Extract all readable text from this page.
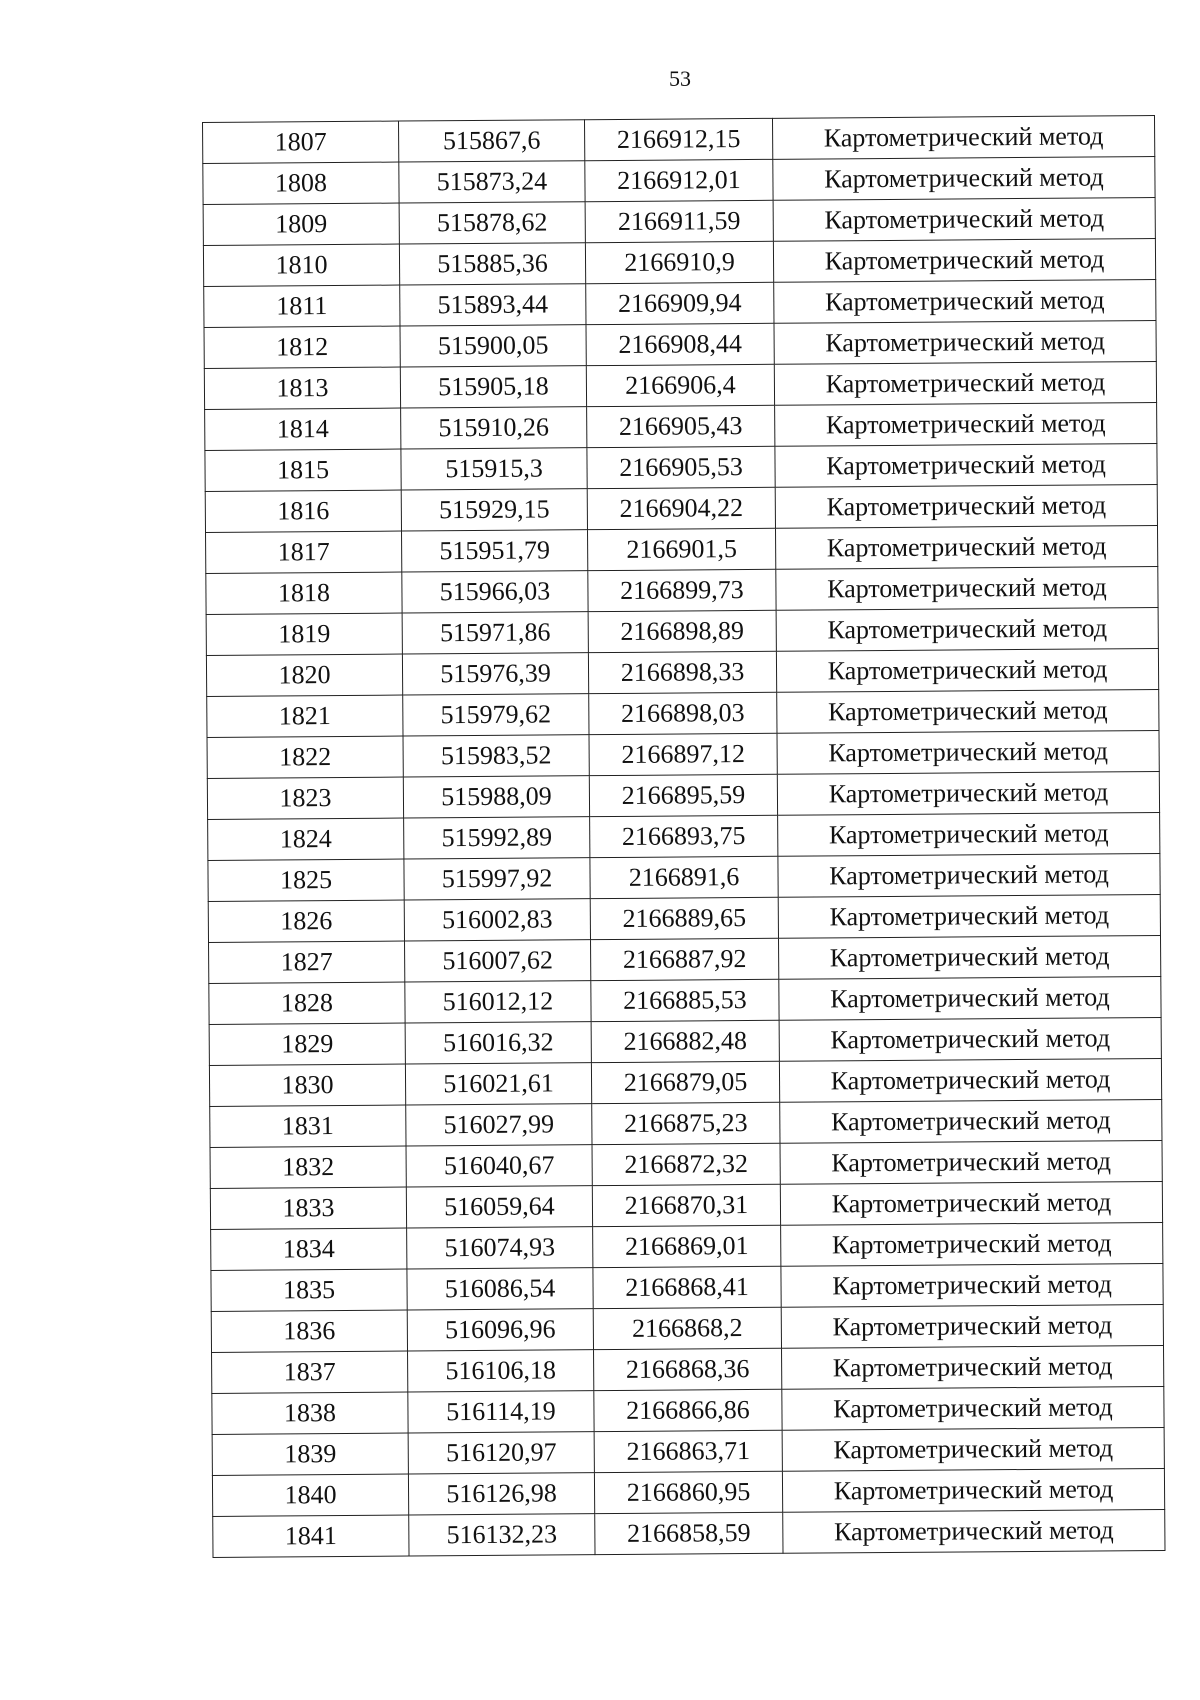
53
1807	515867,6	2166912,15	Картометрический метод
1808	515873,24	2166912,01	Картометрический метод
1809	515878,62	2166911,59	Картометрический метод
1810	515885,36	2166910,9	Картометрический метод
1811	515893,44	2166909,94	Картометрический метод
1812	515900,05	2166908,44	Картометрический метод
1813	515905,18	2166906,4	Картометрический метод
1814	515910,26	2166905,43	Картометрический метод
1815	515915,3	2166905,53	Картометрический метод
1816	515929,15	2166904,22	Картометрический метод
1817	515951,79	2166901,5	Картометрический метод
1818	515966,03	2166899,73	Картометрический метод
1819	515971,86	2166898,89	Картометрический метод
1820	515976,39	2166898,33	Картометрический метод
1821	515979,62	2166898,03	Картометрический метод
1822	515983,52	2166897,12	Картометрический метод
1823	515988,09	2166895,59	Картометрический метод
1824	515992,89	2166893,75	Картометрический метод
1825	515997,92	2166891,6	Картометрический метод
1826	516002,83	2166889,65	Картометрический метод
1827	516007,62	2166887,92	Картометрический метод
1828	516012,12	2166885,53	Картометрический метод
1829	516016,32	2166882,48	Картометрический метод
1830	516021,61	2166879,05	Картометрический метод
1831	516027,99	2166875,23	Картометрический метод
1832	516040,67	2166872,32	Картометрический метод
1833	516059,64	2166870,31	Картометрический метод
1834	516074,93	2166869,01	Картометрический метод
1835	516086,54	2166868,41	Картометрический метод
1836	516096,96	2166868,2	Картометрический метод
1837	516106,18	2166868,36	Картометрический метод
1838	516114,19	2166866,86	Картометрический метод
1839	516120,97	2166863,71	Картометрический метод
1840	516126,98	2166860,95	Картометрический метод
1841	516132,23	2166858,59	Картометрический метод
